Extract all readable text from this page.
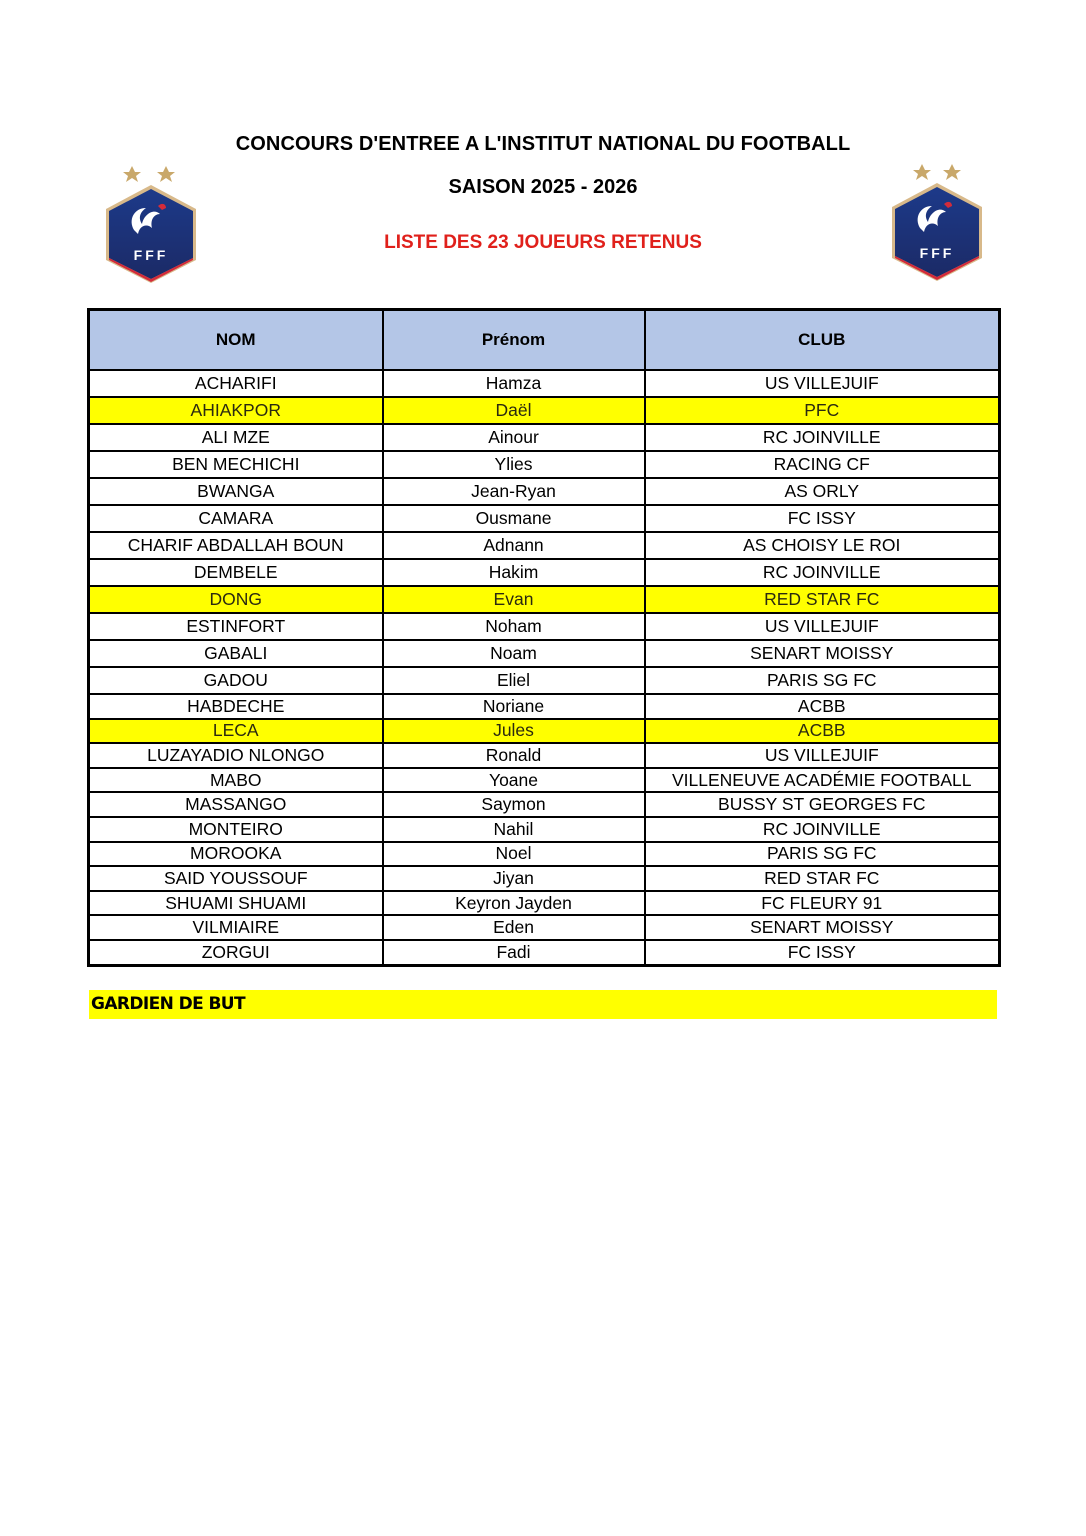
CONCOURS D'ENTREE A L'INSTITUT NATIONAL DU FOOTBALL
SAISON 2025 - 2026
LISTE DES 23 JOUEURS RETENUS
FFF	FFF
NOM	Prénom	CLUB
ACHARIFI	Hamza	US VILLEJUIF
AHIAKPOR	Daël	PFC
ALI MZE	Ainour	RC JOINVILLE
BEN MECHICHI	Ylies	RACING CF
BWANGA	Jean-Ryan	AS ORLY
CAMARA	Ousmane	FC ISSY
CHARIF ABDALLAH BOUN	Adnann	AS CHOISY LE ROI
DEMBELE	Hakim	RC JOINVILLE
DONG	Evan	RED STAR FC
ESTINFORT	Noham	US VILLEJUIF
GABALI	Noam	SENART MOISSY
GADOU	Eliel	PARIS SG FC
HABDECHE	Noriane	ACBB
LECA	Jules	ACBB
LUZAYADIO NLONGO	Ronald	US VILLEJUIF
MABO	Yoane	VILLENEUVE ACADÉMIE FOOTBALL
MASSANGO	Saymon	BUSSY ST GEORGES FC
MONTEIRO	Nahil	RC JOINVILLE
MOROOKA	Noel	PARIS SG FC
SAID YOUSSOUF	Jiyan	RED STAR FC
SHUAMI SHUAMI	Keyron Jayden	FC FLEURY 91
VILMIAIRE	Eden	SENART MOISSY
ZORGUI	Fadi	FC ISSY
GARDIEN DE BUT
